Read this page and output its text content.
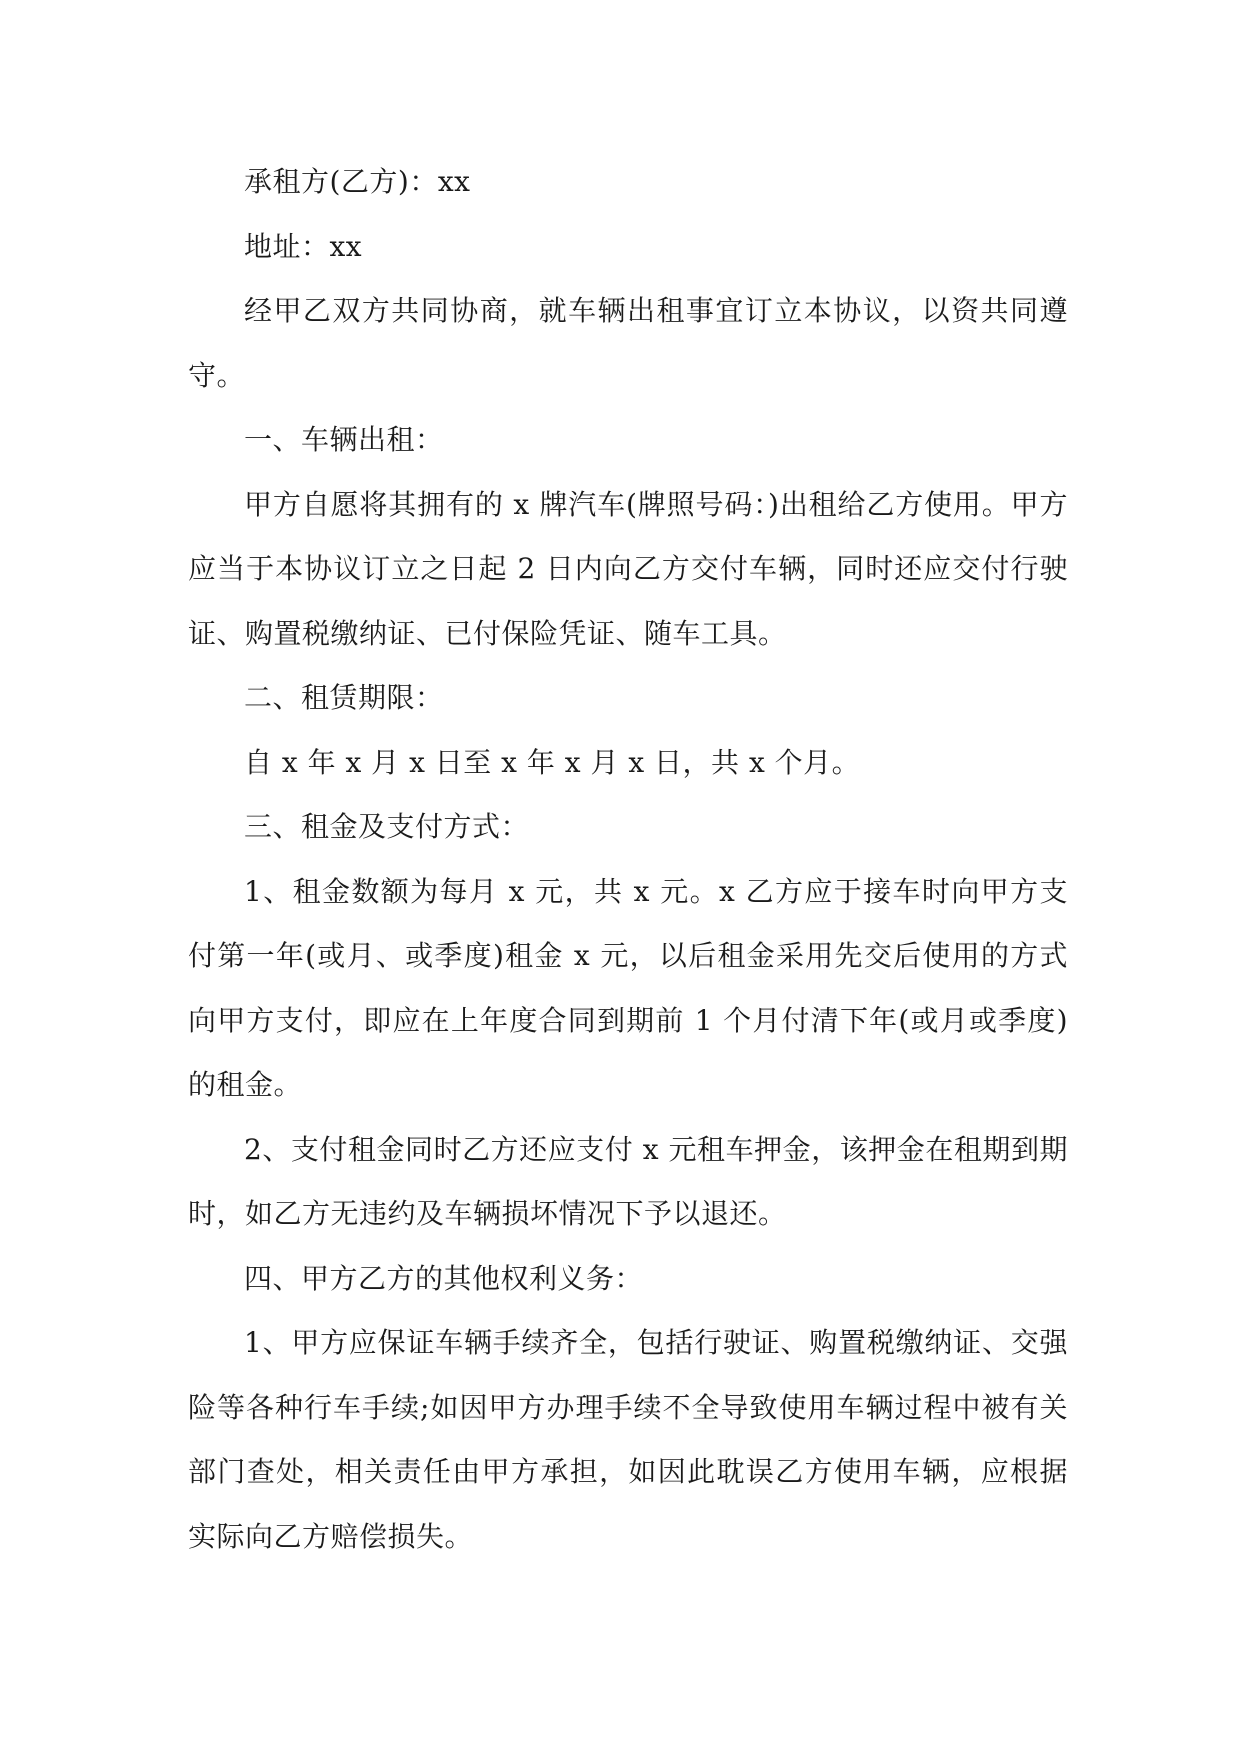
承租方(乙方)：xx

地址：xx

经甲乙双方共同协商，就车辆出租事宜订立本协议，以资共同遵守。

一、车辆出租：

甲方自愿将其拥有的 x 牌汽车(牌照号码：)出租给乙方使用。甲方应当于本协议订立之日起 2 日内向乙方交付车辆，同时还应交付行驶证、购置税缴纳证、已付保险凭证、随车工具。

二、租赁期限：

自 x 年 x 月 x 日至 x 年 x 月 x 日，共 x 个月。

三、租金及支付方式：

1、租金数额为每月 x 元，共 x 元。x 乙方应于接车时向甲方支付第一年(或月、或季度)租金 x 元，以后租金采用先交后使用的方式向甲方支付，即应在上年度合同到期前 1 个月付清下年(或月或季度)的租金。

2、支付租金同时乙方还应支付 x 元租车押金，该押金在租期到期时，如乙方无违约及车辆损坏情况下予以退还。

四、甲方乙方的其他权利义务：

1、甲方应保证车辆手续齐全，包括行驶证、购置税缴纳证、交强险等各种行车手续;如因甲方办理手续不全导致使用车辆过程中被有关部门查处，相关责任由甲方承担，如因此耽误乙方使用车辆，应根据实际向乙方赔偿损失。
